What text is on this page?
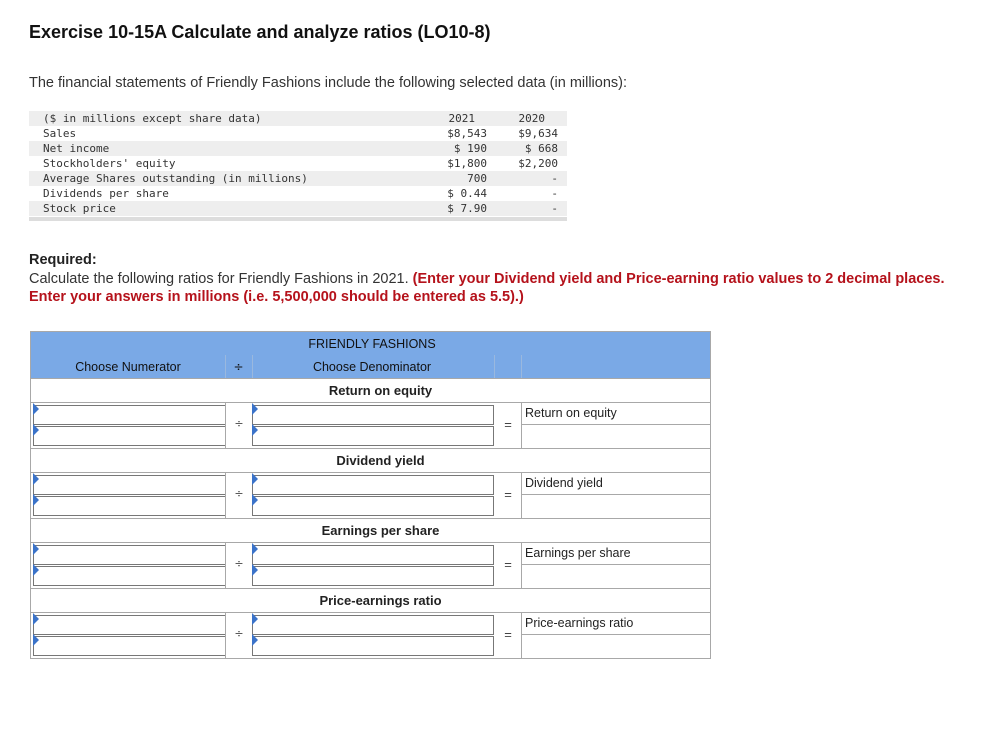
Exercise 10-15A Calculate and analyze ratios (LO10-8)
The financial statements of Friendly Fashions include the following selected data (in millions):
($ in millions except share data)	2021	2020
Sales	$8,543	$9,634
Net income	$ 190	$ 668
Stockholders' equity	$1,800	$2,200
Average Shares outstanding (in millions)	700	-
Dividends per share	$ 0.44	-
Stock price	$ 7.90	-
Required:
Calculate the following ratios for Friendly Fashions in 2021. (Enter your Dividend yield and Price-earning ratio values to 2 decimal places. Enter your answers in millions (i.e. 5,500,000 should be entered as 5.5).)
FRIENDLY FASHIONS
Choose Numerator	÷	Choose Denominator
Return on equity
÷	=
Return on equity
Dividend yield
÷	=
Dividend yield
Earnings per share
÷	=
Earnings per share
Price-earnings ratio
÷	=
Price-earnings ratio
